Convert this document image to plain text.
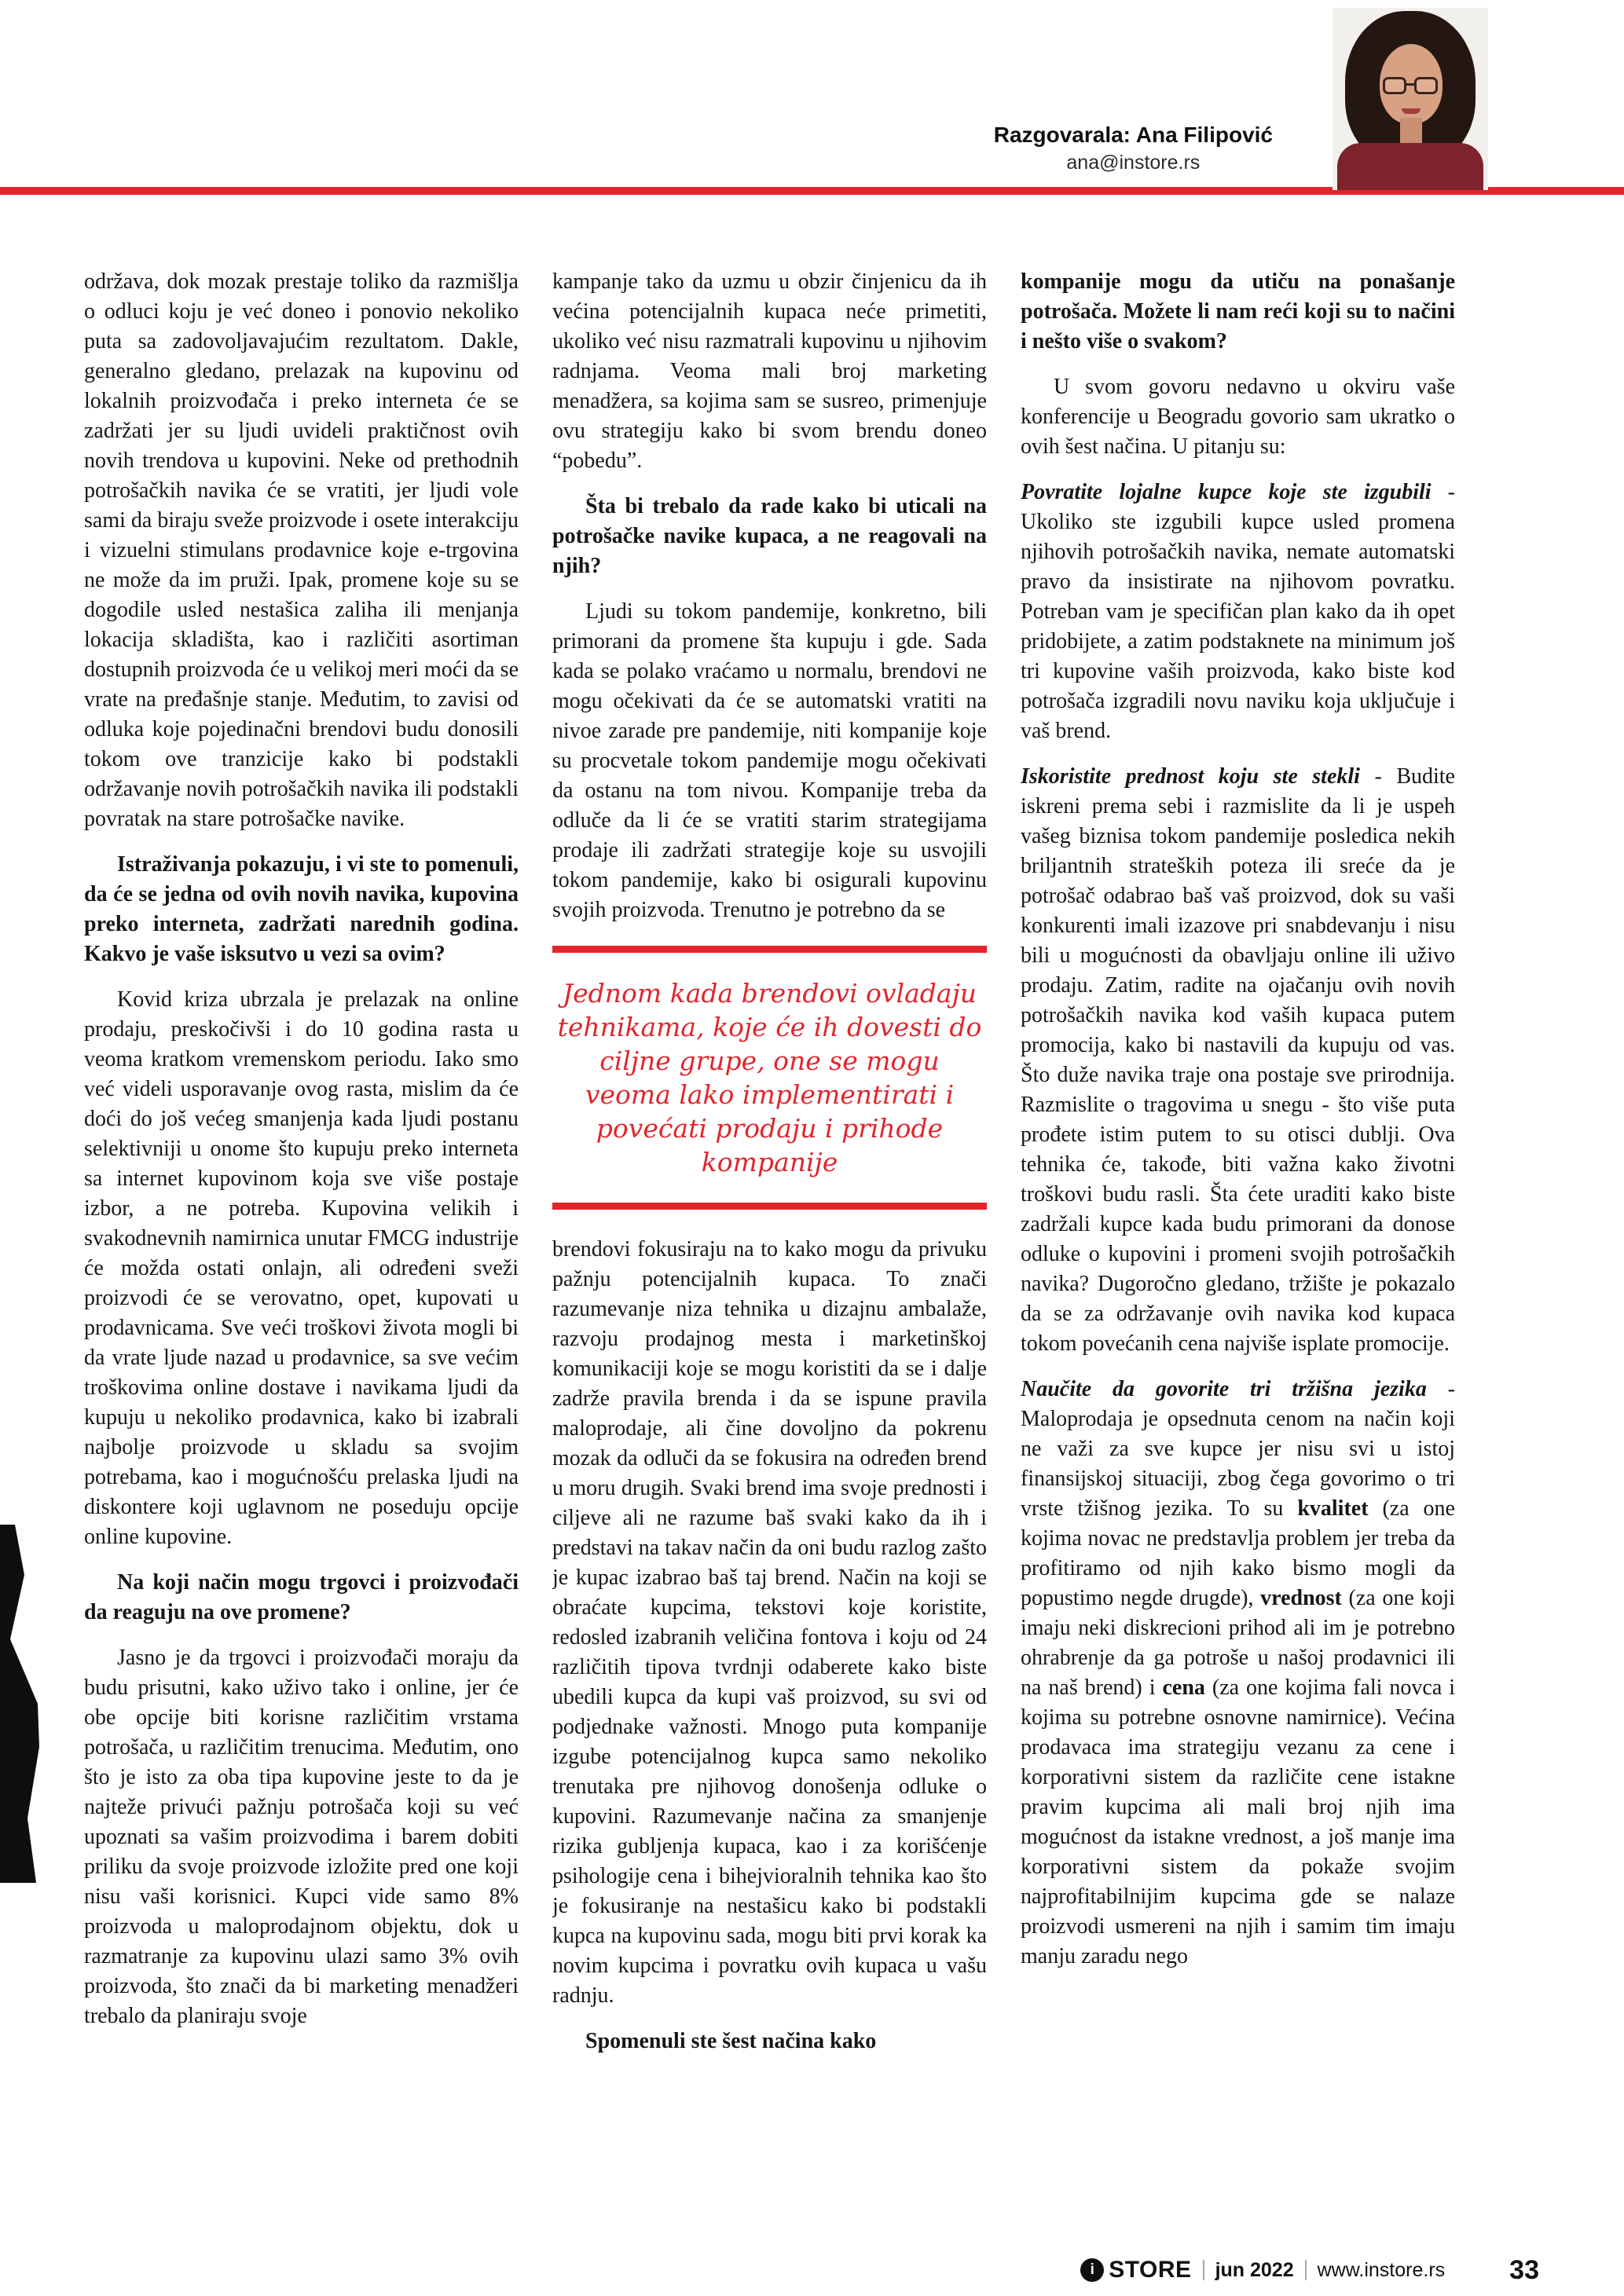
Razgovarala: Ana Filipović
ana@instore.rs

održava, dok mozak prestaje toliko da razmišlja o odluci koju je već doneo i ponovio nekoliko puta sa zadovoljavajućim rezultatom. Dakle, generalno gledano, prelazak na kupovinu od lokalnih proizvođača i preko interneta će se zadržati jer su ljudi uvideli praktičnost ovih novih trendova u kupovini. Neke od prethodnih potrošačkih navika će se vratiti, jer ljudi vole sami da biraju sveže proizvode i osete interakciju i vizuelni stimulans prodavnice koje e-trgovina ne može da im pruži. Ipak, promene koje su se dogodile usled nestašica zaliha ili menjanja lokacija skladišta, kao i različiti asortiman dostupnih proizvoda će u velikoj meri moći da se vrate na pređašnje stanje. Međutim, to zavisi od odluka koje pojedinačni brendovi budu donosili tokom ove tranzicije kako bi podstakli održavanje novih potrošačkih navika ili podstakli povratak na stare potrošačke navike.

Istraživanja pokazuju, i vi ste to pomenuli, da će se jedna od ovih novih navika, kupovina preko interneta, zadržati narednih godina. Kakvo je vaše isksutvo u vezi sa ovim?

Kovid kriza ubrzala je prelazak na online prodaju, preskočivši i do 10 godina rasta u veoma kratkom vremenskom periodu. Iako smo već videli usporavanje ovog rasta, mislim da će doći do još većeg smanjenja kada ljudi postanu selektivniji u onome što kupuju preko interneta sa internet kupovinom koja sve više postaje izbor, a ne potreba. Kupovina velikih i svakodnevnih namirnica unutar FMCG industrije će možda ostati onlajn, ali određeni sveži proizvodi će se verovatno, opet, kupovati u prodavnicama. Sve veći troškovi života mogli bi da vrate ljude nazad u prodavnice, sa sve većim troškovima online dostave i navikama ljudi da kupuju u nekoliko prodavnica, kako bi izabrali najbolje proizvode u skladu sa svojim potrebama, kao i mogućnošću prelaska ljudi na diskontere koji uglavnom ne poseduju opcije online kupovine.

Na koji način mogu trgovci i proizvođači da reaguju na ove promene?

Jasno je da trgovci i proizvođači moraju da budu prisutni, kako uživo tako i online, jer će obe opcije biti korisne različitim vrstama potrošača, u različitim trenucima. Međutim, ono što je isto za oba tipa kupovine jeste to da je najteže privući pažnju potrošača koji su već upoznati sa vašim proizvodima i barem dobiti priliku da svoje proizvode izložite pred one koji nisu vaši korisnici. Kupci vide samo 8% proizvoda u maloprodajnom objektu, dok u razmatranje za kupovinu ulazi samo 3% ovih proizvoda, što znači da bi marketing menadžeri trebalo da planiraju svoje

kampanje tako da uzmu u obzir činjenicu da ih većina potencijalnih kupaca neće primetiti, ukoliko već nisu razmatrali kupovinu u njihovim radnjama. Veoma mali broj marketing menadžera, sa kojima sam se susreo, primenjuje ovu strategiju kako bi svom brendu doneo “pobedu”.

Šta bi trebalo da rade kako bi uticali na potrošačke navike kupaca, a ne reagovali na njih?

Ljudi su tokom pandemije, konkretno, bili primorani da promene šta kupuju i gde. Sada kada se polako vraćamo u normalu, brendovi ne mogu očekivati da će se automatski vratiti na nivoe zarade pre pandemije, niti kompanije koje su procvetale tokom pandemije mogu očekivati da ostanu na tom nivou. Kompanije treba da odluče da li će se vratiti starim strategijama prodaje ili zadržati strategije koje su usvojili tokom pandemije, kako bi osigurali kupovinu svojih proizvoda. Trenutno je potrebno da se

Jednom kada brendovi ovladaju tehnikama, koje će ih dovesti do ciljne grupe, one se mogu veoma lako implementirati i povećati prodaju i prihode kompanije

brendovi fokusiraju na to kako mogu da privuku pažnju potencijalnih kupaca. To znači razumevanje niza tehnika u dizajnu ambalaže, razvoju prodajnog mesta i marketinškoj komunikaciji koje se mogu koristiti da se i dalje zadrže pravila brenda i da se ispune pravila maloprodaje, ali čine dovoljno da pokrenu mozak da odluči da se fokusira na određen brend u moru drugih. Svaki brend ima svoje prednosti i ciljeve ali ne razume baš svaki kako da ih i predstavi na takav način da oni budu razlog zašto je kupac izabrao baš taj brend. Način na koji se obraćate kupcima, tekstovi koje koristite, redosled izabranih veličina fontova i koju od 24 različitih tipova tvrdnji odaberete kako biste ubedili kupca da kupi vaš proizvod, su svi od podjednake važnosti. Mnogo puta kompanije izgube potencijalnog kupca samo nekoliko trenutaka pre njihovog donošenja odluke o kupovini. Razumevanje načina za smanjenje rizika gubljenja kupaca, kao i za korišćenje psihologije cena i bihejvioralnih tehnika kao što je fokusiranje na nestašicu kako bi podstakli kupca na kupovinu sada, mogu biti prvi korak ka novim kupcima i povratku ovih kupaca u vašu radnju.

Spomenuli ste šest načina kako

kompanije mogu da utiču na ponašanje potrošača. Možete li nam reći koji su to načini i nešto više o svakom?

U svom govoru nedavno u okviru vaše konferencije u Beogradu govorio sam ukratko o ovih šest načina. U pitanju su:

Povratite lojalne kupce koje ste izgubili - Ukoliko ste izgubili kupce usled promena njihovih potrošačkih navika, nemate automatski pravo da insistirate na njihovom povratku. Potreban vam je specifičan plan kako da ih opet pridobijete, a zatim podstaknete na minimum još tri kupovine vaših proizvoda, kako biste kod potrošača izgradili novu naviku koja uključuje i vaš brend.

Iskoristite prednost koju ste stekli - Budite iskreni prema sebi i razmislite da li je uspeh vašeg biznisa tokom pandemije posledica nekih briljantnih strateških poteza ili sreće da je potrošač odabrao baš vaš proizvod, dok su vaši konkurenti imali izazove pri snabdevanju i nisu bili u mogućnosti da obavljaju online ili uživo prodaju. Zatim, radite na ojačanju ovih novih potrošačkih navika kod vaših kupaca putem promocija, kako bi nastavili da kupuju od vas. Što duže navika traje ona postaje sve prirodnija. Razmislite o tragovima u snegu - što više puta prođete istim putem to su otisci dublji. Ova tehnika će, takođe, biti važna kako životni troškovi budu rasli. Šta ćete uraditi kako biste zadržali kupce kada budu primorani da donose odluke o kupovini i promeni svojih potrošačkih navika? Dugoročno gledano, tržište je pokazalo da se za održavanje ovih navika kod kupaca tokom povećanih cena najviše isplate promocije.

Naučite da govorite tri tržišna jezika - Maloprodaja je opsednuta cenom na način koji ne važi za sve kupce jer nisu svi u istoj finansijskoj situaciji, zbog čega govorimo o tri vrste tžišnog jezika. To su kvalitet (za one kojima novac ne predstavlja problem jer treba da profitiramo od njih kako bismo mogli da popustimo negde drugde), vrednost (za one koji imaju neki diskrecioni prihod ali im je potrebno ohrabrenje da ga potroše u našoj prodavnici ili na naš brend) i cena (za one kojima fali novca i kojima su potrebne osnovne namirnice). Većina prodavaca ima strategiju vezanu za cene i korporativni sistem da različite cene istakne pravim kupcima ali mali broj njih ima mogućnost da istakne vrednost, a još manje ima korporativni sistem da pokaže svojim najprofitabilnijim kupcima gde se nalaze proizvodi usmereni na njih i samim tim imaju manju zaradu nego

i STORE jun 2022 www.instore.rs 33
